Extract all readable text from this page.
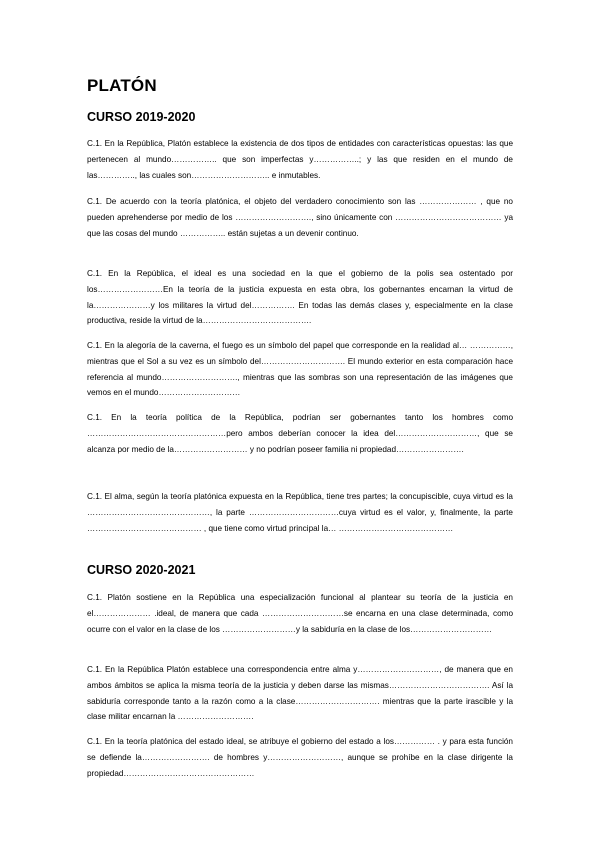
PLATÓN
CURSO 2019-2020

C.1. En la República, Platón establece la existencia de dos tipos de entidades con características opuestas: las que pertenecen al mundo…………….. que son imperfectas y……………..; y las que residen en el mundo de las………….., las cuales son……………………….. e inmutables.

C.1. De acuerdo con la teoría platónica, el objeto del verdadero conocimiento son las ………………… , que no pueden aprehenderse por medio de los ………………………., sino únicamente con ………………………………… ya que las cosas del mundo …………….. están sujetas a un devenir continuo.

C.1. En la República, el ideal es una sociedad en la que el gobierno de la polis sea ostentado por los……………………En la teoría de la justicia expuesta en esta obra, los gobernantes encarnan la virtud de la…………………y los militares la virtud del……………. En todas las demás clases y, especialmente en la clase productiva, reside la virtud de la………………………………….

C.1. En la alegoría de la caverna, el fuego es un símbolo del papel que corresponde en la realidad al… ……………, mientras que el Sol a su vez es un símbolo del…………………………. El mundo exterior en esta comparación hace referencia al mundo………………………., mientras que las sombras son una representación de las imágenes que vemos en el mundo…………………………

C.1. En la teoría política de la República, podrían ser gobernantes tanto los hombres como ……………………………………………pero ambos deberían conocer la idea del…………………………, que se alcanza por medio de la……………………… y no podrían poseer familia ni propiedad…………………….

C.1. El alma, según la teoría platónica expuesta en la República, tiene tres partes; la concupiscible, cuya virtud es la ………………………………………, la parte ……………………………cuya virtud es el valor, y, finalmente, la parte …………………………………… , que tiene como virtud principal la… ……………………………………

CURSO 2020-2021

C.1. Platón sostiene en la República una especialización funcional al plantear su teoría de la justicia en el………………… .ideal, de manera que cada …………………………se encarna en una clase determinada, como ocurre con el valor en la clase de los ………………………y la sabiduría en la clase de los…………………………

C.1. En la República Platón establece una correspondencia entre alma y…………………………, de manera que en ambos ámbitos se aplica la misma teoría de la justicia y deben darse las mismas………………………………. Así la sabiduría corresponde tanto a la razón como a la clase…………………………. mientras que la parte irascible y la clase militar encarnan la ……………………….

C.1. En la teoría platónica del estado ideal, se atribuye el gobierno del estado a los…………… . y para esta función se defiende la……………………. de hombres y………………………, aunque se prohíbe en la clase dirigente la propiedad…………………………………………
